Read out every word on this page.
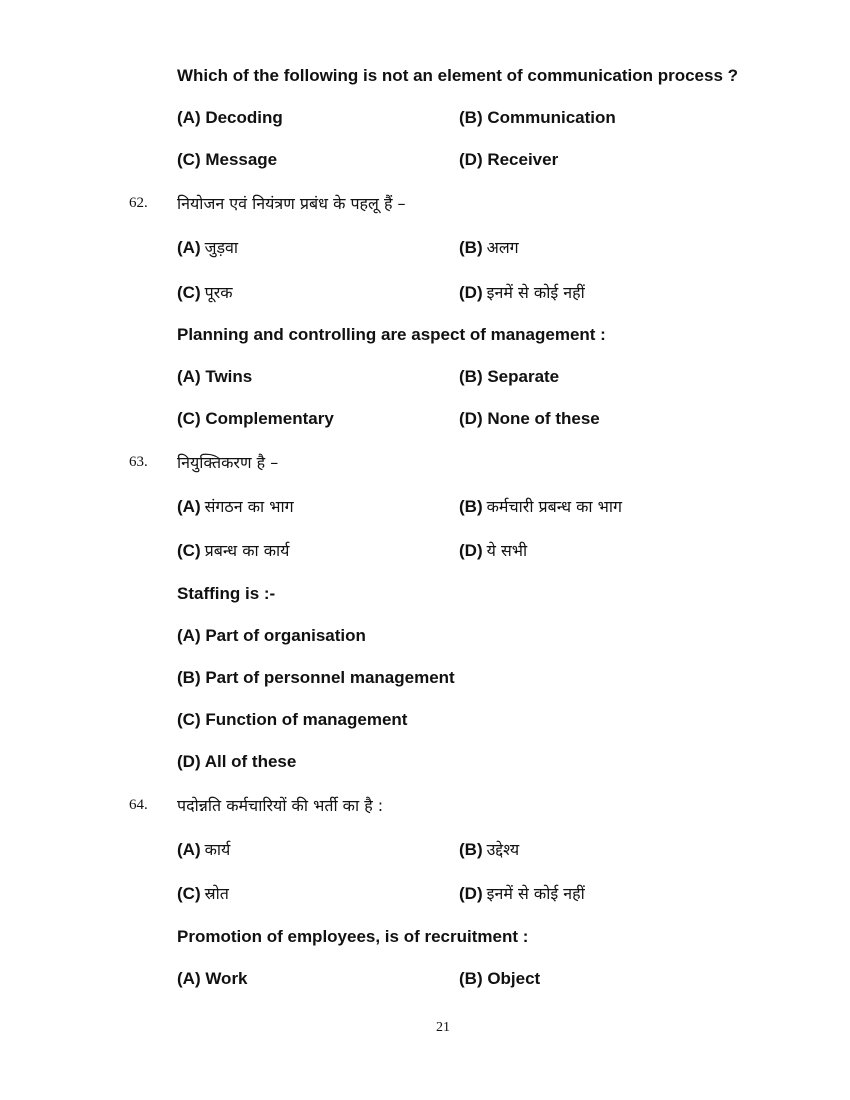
Which of the following is not an element of communication process ?
(A) Decoding	(B) Communication
(C) Message	(D) Receiver
62. नियोजन एवं नियंत्रण प्रबंध के पहलू हैं –
(A) जुड़वा	(B) अलग
(C) पूरक	(D) इनमें से कोई नहीं
Planning and controlling are aspect of management :
(A) Twins	(B) Separate
(C) Complementary	(D) None of these
63. नियुक्तिकरण है –
(A) संगठन का भाग	(B) कर्मचारी प्रबन्ध का भाग
(C) प्रबन्ध का कार्य	(D) ये सभी
Staffing is :-
(A) Part of organisation
(B) Part of personnel management
(C) Function of management
(D) All of these
64. पदोन्नति कर्मचारियों की भर्ती का है :
(A) कार्य	(B) उद्देश्य
(C) स्रोत	(D) इनमें से कोई नहीं
Promotion of employees, is of recruitment :
(A) Work	(B) Object
21
